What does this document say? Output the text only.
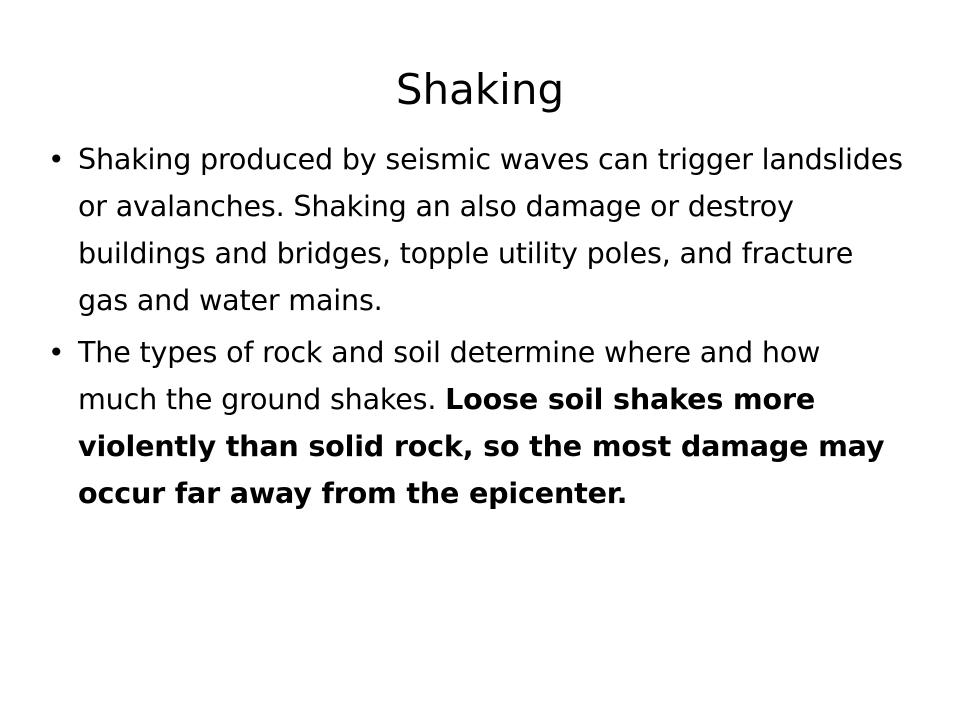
Shaking
• Shaking produced by seismic waves can trigger landslides or avalanches. Shaking an also damage or destroy buildings and bridges, topple utility poles, and fracture gas and water mains.
• The types of rock and soil determine where and how much the ground shakes. Loose soil shakes more violently than solid rock, so the most damage may occur far away from the epicenter.
